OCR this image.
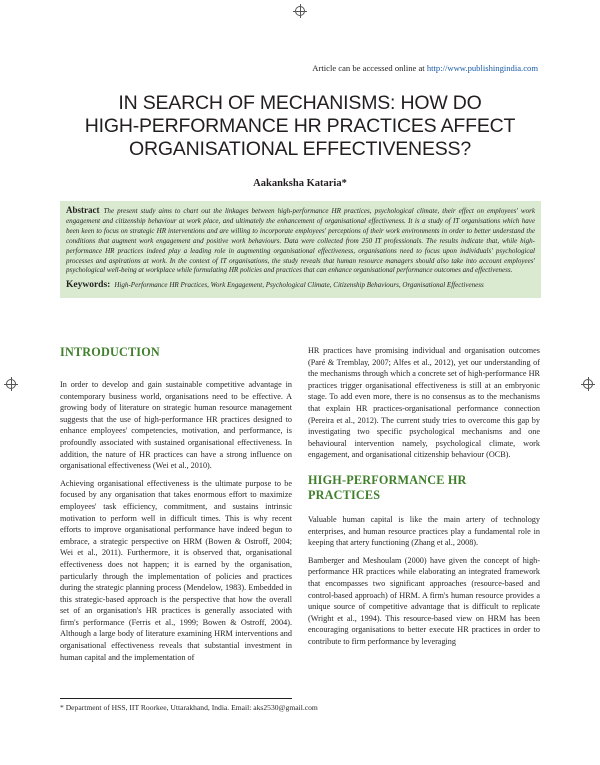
Article can be accessed online at http://www.publishingindia.com
IN SEARCH OF MECHANISMS: HOW DO
HIGH-PERFORMANCE HR PRACTICES AFFECT
ORGANISATIONAL EFFECTIVENESS?
Aakanksha Kataria*
Abstract The present study aims to chart out the linkages between high-performance HR practices, psychological climate, their effect on employees' work engagement and citizenship behaviour at work place, and ultimately the enhancement of organisational effectiveness. It is a study of IT organisations which have been keen to focus on strategic HR interventions and are willing to incorporate employees' perceptions of their work environments in order to better understand the conditions that augment work engagement and positive work behaviours. Data were collected from 250 IT professionals. The results indicate that, while high-performance HR practices indeed play a leading role in augmenting organisational effectiveness, organisations need to focus upon individuals' psychological processes and aspirations at work. In the context of IT organisations, the study reveals that human resource managers should also take into account employees' psychological well-being at workplace while formulating HR policies and practices that can enhance organisational performance outcomes and effectiveness.
Keywords: High-Performance HR Practices, Work Engagement, Psychological Climate, Citizenship Behaviours, Organisational Effectiveness
INTRODUCTION

In order to develop and gain sustainable competitive advantage in contemporary business world, organisations need to be effective. A growing body of literature on strategic human resource management suggests that the use of high-performance HR practices designed to enhance employees' competencies, motivation, and performance, is profoundly associated with sustained organisational effectiveness. In addition, the nature of HR practices can have a strong influence on organisational effectiveness (Wei et al., 2010).

Achieving organisational effectiveness is the ultimate purpose to be focused by any organisation that takes enormous effort to maximize employees' task efficiency, commitment, and sustains intrinsic motivation to perform well in difficult times. This is why recent efforts to improve organisational performance have indeed begun to embrace, a strategic perspective on HRM (Bowen & Ostroff, 2004; Wei et al., 2011). Furthermore, it is observed that, organisational effectiveness does not happen; it is earned by the organisation, particularly through the implementation of policies and practices during the strategic planning process (Mendelow, 1983). Embedded in this strategic-based approach is the perspective that how the overall set of an organisation's HR practices is generally associated with firm's performance (Ferris et al., 1999; Bowen & Ostroff, 2004). Although a large body of literature examining HRM interventions and organisational effectiveness reveals that substantial investment in human capital and the implementation of

HR practices have promising individual and organisation outcomes (Paré & Tremblay, 2007; Alfes et al., 2012), yet our understanding of the mechanisms through which a concrete set of high-performance HR practices trigger organisational effectiveness is still at an embryonic stage. To add even more, there is no consensus as to the mechanisms that explain HR practices-organisational performance connection (Pereira et al., 2012). The current study tries to overcome this gap by investigating two specific psychological mechanisms and one behavioural intervention namely, psychological climate, work engagement, and organisational citizenship behaviour (OCB).

HIGH-PERFORMANCE HR
PRACTICES

Valuable human capital is like the main artery of technology enterprises, and human resource practices play a fundamental role in keeping that artery functioning (Zhang et al., 2008).

Bamberger and Meshoulam (2000) have given the concept of high-performance HR practices while elaborating an integrated framework that encompasses two significant approaches (resource-based and control-based approach) of HRM. A firm's human resource provides a unique source of competitive advantage that is difficult to replicate (Wright et al., 1994). This resource-based view on HRM has been encouraging organisations to better execute HR practices in order to contribute to firm performance by leveraging

* Department of HSS, IIT Roorkee, Uttarakhand, India. Email: aks2530@gmail.com
